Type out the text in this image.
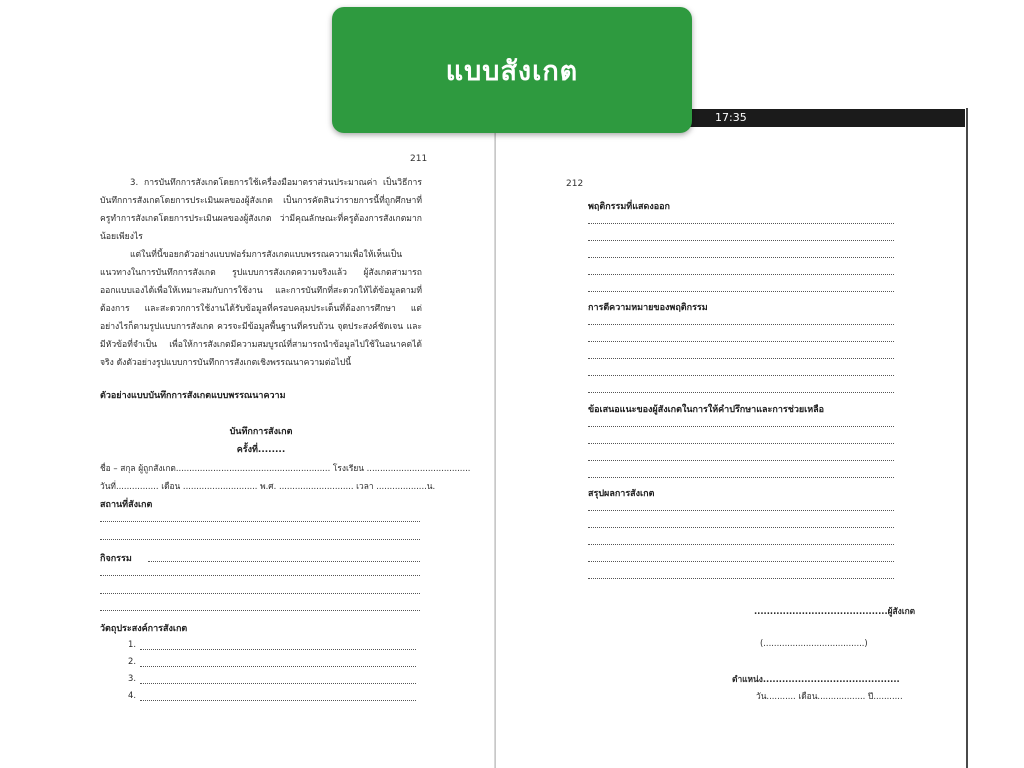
แบบสังเกต
211

3. การบันทึกการสังเกตโดยการใช้เครื่องมือมาตราส่วนประมาณค่า เป็นวิธีการบันทึกการสังเกตโดยการประเมินผลของผู้สังเกต เป็นการคัดสินว่ารายการนี้ที่ถูกศึกษาที่ครูทำการสังเกตโดยการประเมินผลของผู้สังเกต ว่ามีคุณลักษณะที่ครูต้องการสังเกตมากน้อยเพียงไร

แต่ในที่นี้ขอยกตัวอย่างแบบฟอร์มการสังเกตแบบพรรณความเพื่อให้เห็นเป็นแนวทางในการบันทึกการสังเกต รูปแบบการสังเกตความจริงแล้ว ผู้สังเกตสามารถออกแบบเองได้เพื่อให้เหมาะสมกับการใช้งาน และการบันทึกที่สะดวกให้ได้ข้อมูลตามที่ต้องการ และสะดวกการใช้งานได้รับข้อมูลที่ครอบคลุมประเด็นที่ต้องการศึกษา แต่อย่างไรก็ตามรูปแบบการสังเกต ควรจะมีข้อมูลพื้นฐานที่ครบถ้วน จุดประสงค์ชัดเจน และมีหัวข้อที่จำเป็น เพื่อให้การสังเกตมีความสมบูรณ์ที่สามารถนำข้อมูลไปใช้ในอนาคตได้จริง ดังตัวอย่างรูปแบบการบันทึกการสังเกตเชิงพรรณนาความต่อไปนี้

ตัวอย่างแบบบันทึกการสังเกตแบบพรรณนาความ
บันทึกการสังเกต
ครั้งที่........
ชื่อ – สกุล ผู้ถูกสังเกต.......................................................... โรงเรียน .......................................
วันที่................ เดือน ............................ พ.ศ. ............................ เวลา ...................น.
สถานที่สังเกต
กิจกรรม
วัตถุประสงค์การสังเกต
1.
2.
3.
4.
212
พฤติกรรมที่แสดงออก
การตีความหมายของพฤติกรรม
ข้อเสนอแนะของผู้สังเกตในการให้คำปรึกษาและการช่วยเหลือ
สรุปผลการสังเกต
..........................................ผู้สังเกต
(......................................)
ตำแหน่ง...........................................
วัน........... เดือน.................. ปี...........
17:35
